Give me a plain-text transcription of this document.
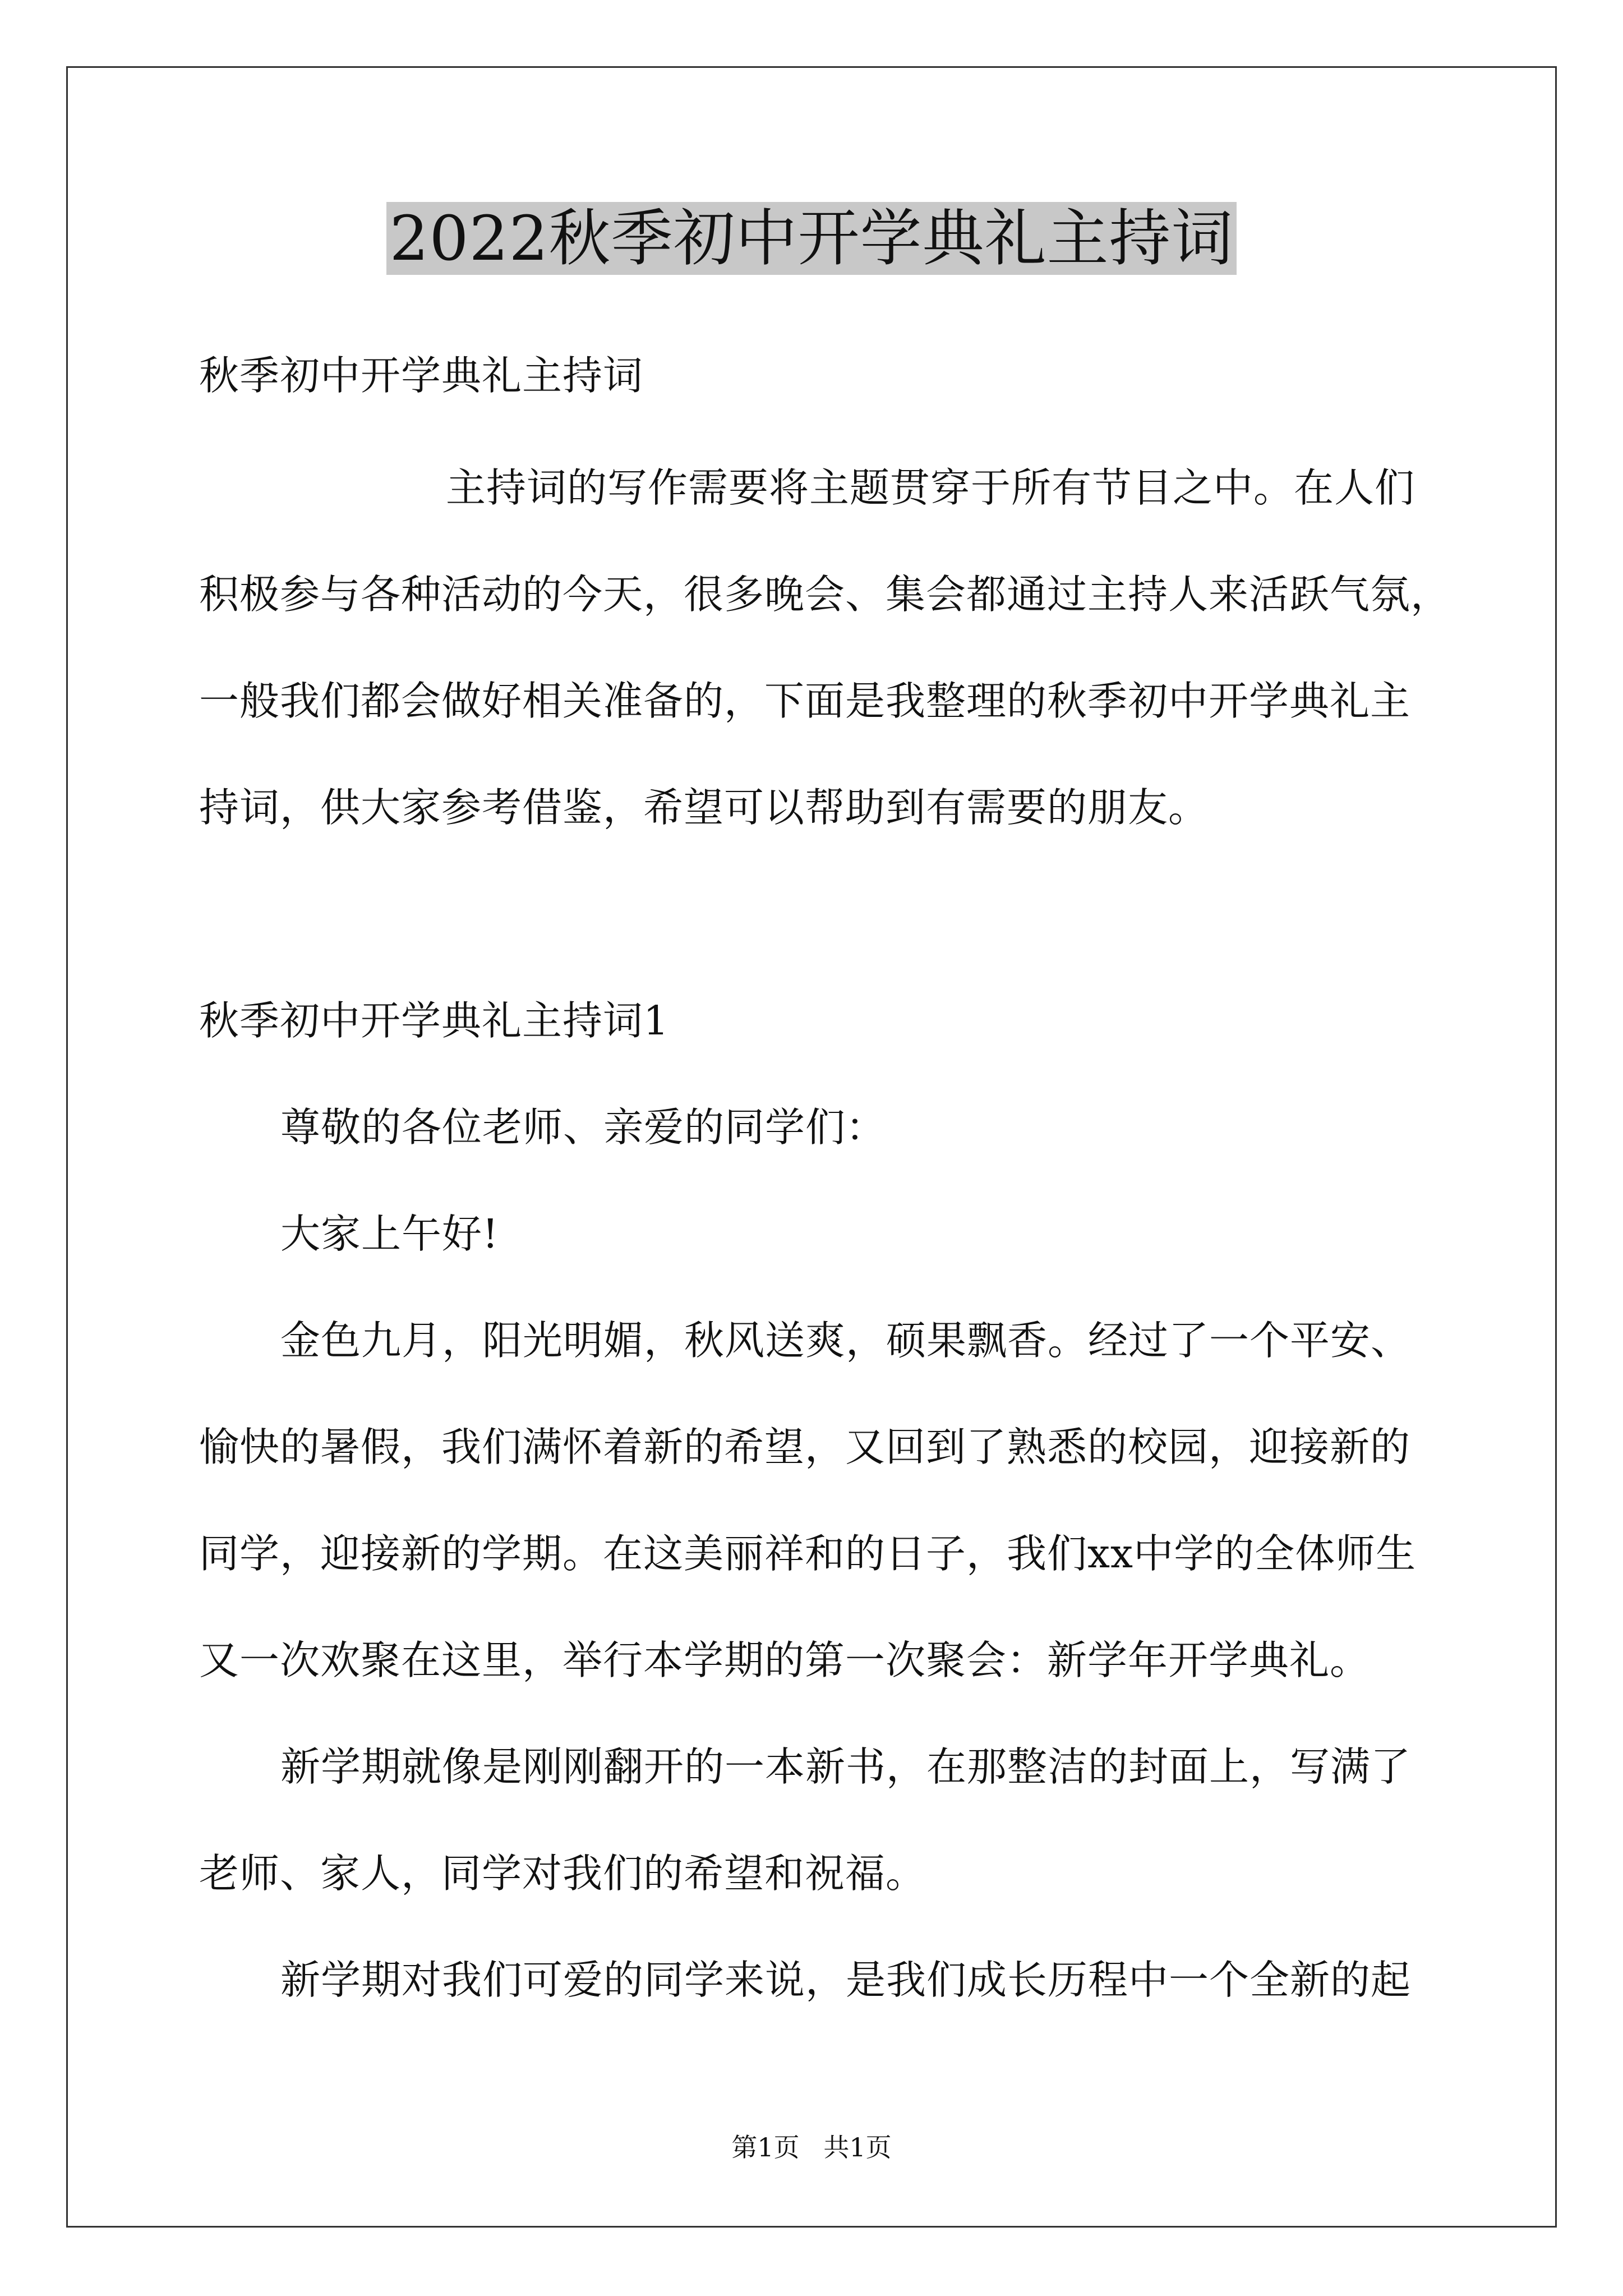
2022秋季初中开学典礼主持词
秋季初中开学典礼主持词
主持词的写作需要将主题贯穿于所有节目之中。在人们
积极参与各种活动的今天，很多晚会、集会都通过主持人来活跃气氛，
一般我们都会做好相关准备的，下面是我整理的秋季初中开学典礼主
持词，供大家参考借鉴，希望可以帮助到有需要的朋友。
秋季初中开学典礼主持词1
尊敬的各位老师、亲爱的同学们：
大家上午好!
金色九月，阳光明媚，秋风送爽，硕果飘香。经过了一个平安、
愉快的暑假，我们满怀着新的希望，又回到了熟悉的校园，迎接新的
同学，迎接新的学期。在这美丽祥和的日子，我们xx中学的全体师生
又一次欢聚在这里，举行本学期的第一次聚会：新学年开学典礼。
新学期就像是刚刚翻开的一本新书，在那整洁的封面上，写满了
老师、家人，同学对我们的希望和祝福。
新学期对我们可爱的同学来说，是我们成长历程中一个全新的起
第1页 共1页
